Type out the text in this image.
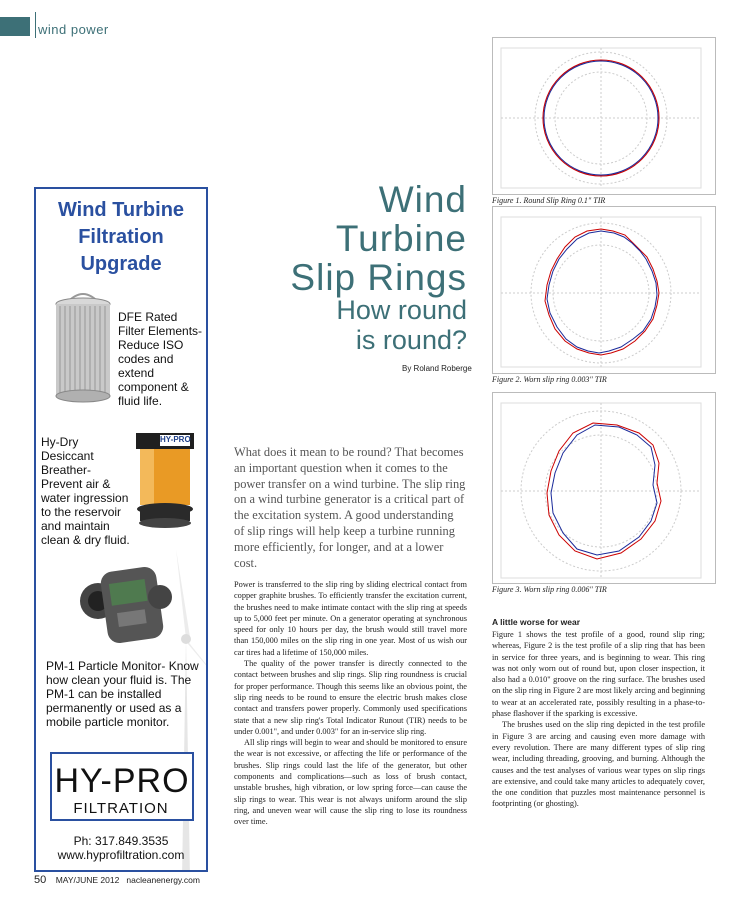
wind power
Wind Turbine
Filtration
Upgrade
DFE Rated Filter Elements- Reduce ISO codes and extend component & fluid life.
Hy-Dry Desiccant Breather- Prevent air & water ingression to the reservoir and maintain clean & dry fluid.
HY-PRO
PM-1 Particle Monitor- Know how clean your fluid is. The PM-1 can be installed permanently or used as a mobile particle monitor.
HY-PRO
FILTRATION
Ph: 317.849.3535
www.hyprofiltration.com
Wind
Turbine
Slip Rings
How round
is round?
By Roland Roberge
What does it mean to be round? That becomes an important question when it comes to the power transfer on a wind turbine. The slip ring on a wind turbine generator is a critical part of the excitation system. A good understanding of slip rings will help keep a turbine running more efficiently, for longer, and at a lower cost.

Power is transferred to the slip ring by sliding electrical contact from copper graphite brushes. To efficiently transfer the excitation current, the brushes need to make intimate contact with the slip ring at speeds up to 5,000 feet per minute. On a generator operating at synchronous speed for only 10 hours per day, the brush would still travel more than 150,000 miles on the slip ring in one year. Most of us wish our car tires had a lifetime of 150,000 miles.

The quality of the power transfer is directly connected to the contact between brushes and slip rings. Slip ring roundness is crucial for proper performance. Though this seems like an obvious point, the slip ring needs to be round to ensure the electric brush makes close contact and transfers power properly. Commonly used specifications state that a new slip ring's Total Indicator Runout (TIR) needs to be under 0.001", and under 0.003" for an in-service slip ring.

All slip rings will begin to wear and should be monitored to ensure the wear is not excessive, or affecting the life or performance of the brushes. Slip rings could last the life of the generator, but other components and complications—such as loss of brush contact, unstable brushes, high vibration, or low spring force—can cause the slip rings to wear. This wear is not always uniform around the slip ring, and uneven wear will cause the slip ring to lose its roundness over time.

A little worse for wear

Figure 1 shows the test profile of a good, round slip ring; whereas, Figure 2 is the test profile of a slip ring that has been in service for three years, and is beginning to wear. This ring was not only worn out of round but, upon closer inspection, it also had a 0.010" groove on the ring surface. The brushes used on the slip ring in Figure 2 are most likely arcing and beginning to wear at an accelerated rate, possibly resulting in a phase-to-phase flashover if the sparking is excessive.

The brushes used on the slip ring depicted in the test profile in Figure 3 are arcing and causing even more damage with every revolution. There are many different types of slip ring wear, including threading, grooving, and burning. Although the causes and the test analyses of various wear types on slip rings are extensive, and could take many articles to adequately cover, the one condition that puzzles most maintenance personnel is footprinting (or ghosting).

Figure 1. Round Slip Ring 0.1" TIR
Figure 2. Worn slip ring 0.003" TIR
Figure 3. Worn slip ring 0.006" TIR
50 MAY/JUNE 2012 nacleanenergy.com
